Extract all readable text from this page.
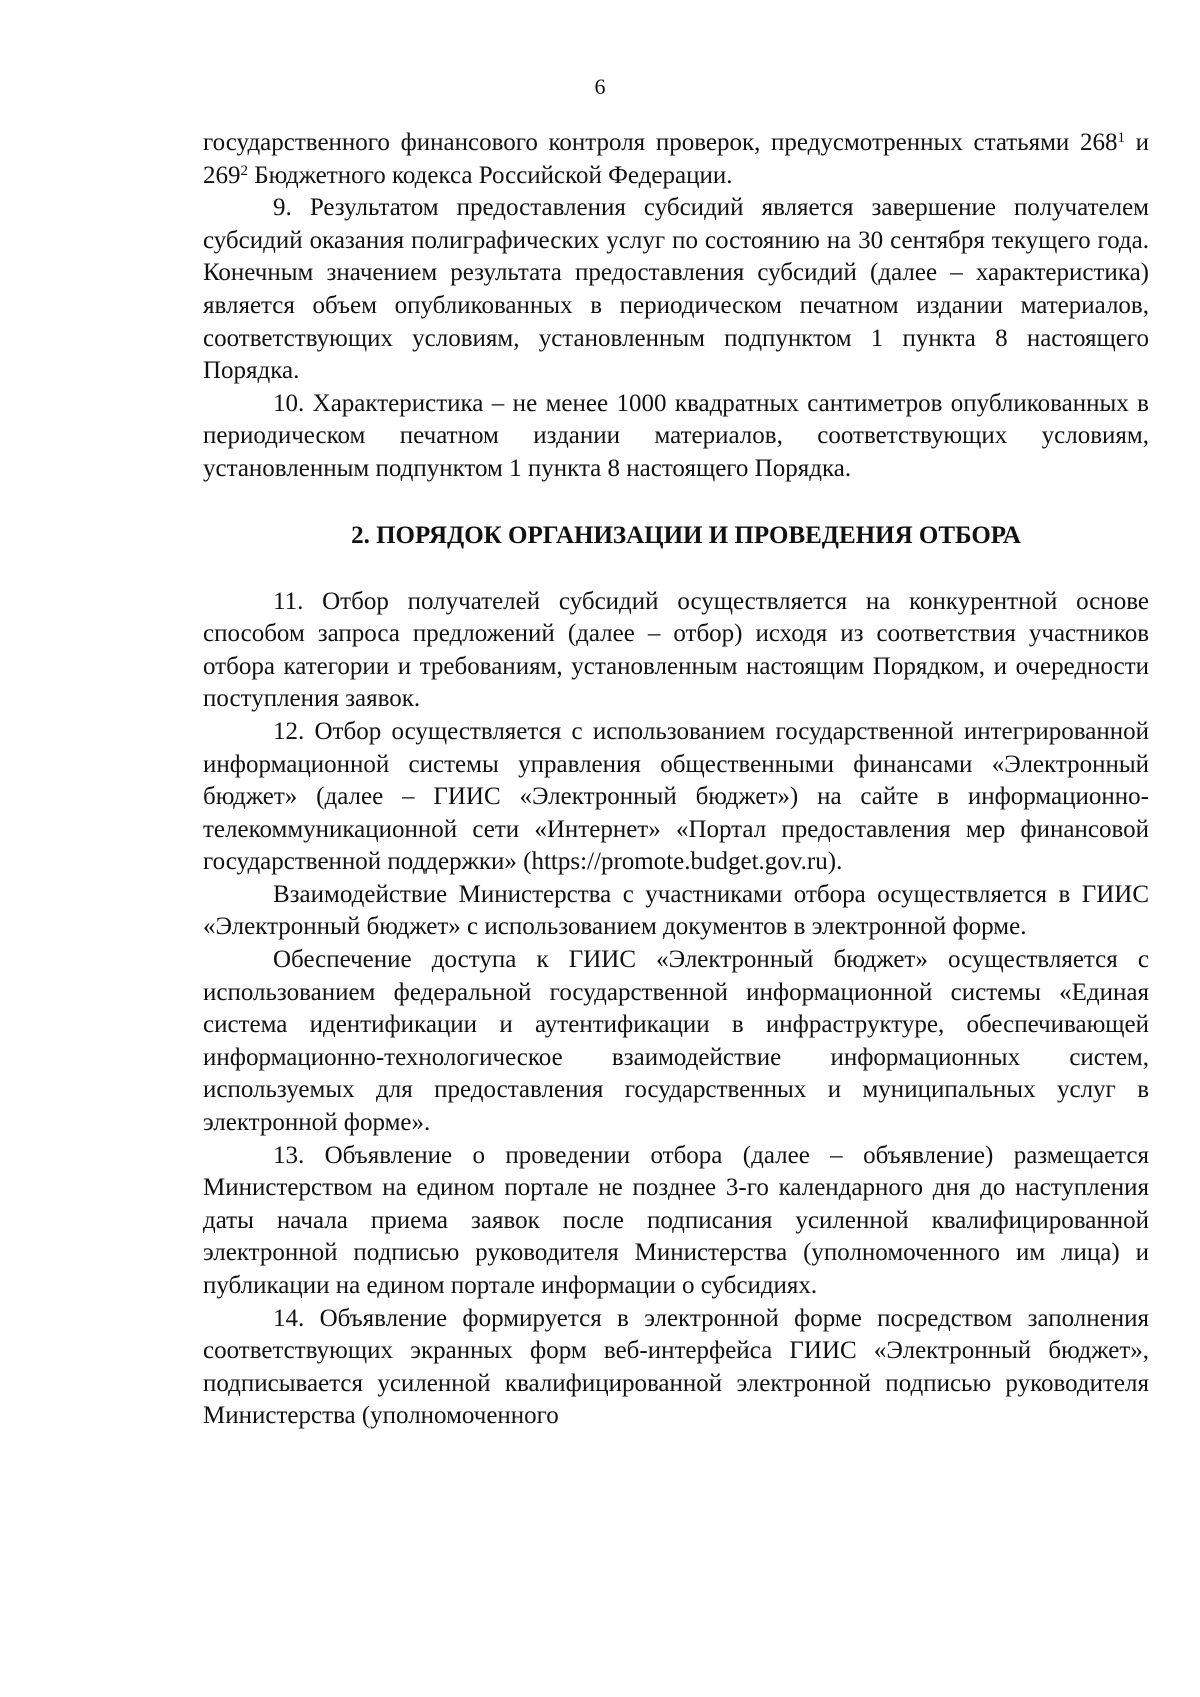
6

государственного финансового контроля проверок, предусмотренных статьями $268^1$ и $269^2$ Бюджетного кодекса Российской Федерации.

9. Результатом предоставления субсидий является завершение получателем субсидий оказания полиграфических услуг по состоянию на 30 сентября текущего года. Конечным значением результата предоставления субсидий (далее – характеристика) является объем опубликованных в периодическом печатном издании материалов, соответствующих условиям, установленным подпунктом 1 пункта 8 настоящего Порядка.

10. Характеристика – не менее 1000 квадратных сантиметров опубликованных в периодическом печатном издании материалов, соответствующих условиям, установленным подпунктом 1 пункта 8 настоящего Порядка.

2. ПОРЯДОК ОРГАНИЗАЦИИ И ПРОВЕДЕНИЯ ОТБОРА

11. Отбор получателей субсидий осуществляется на конкурентной основе способом запроса предложений (далее – отбор) исходя из соответствия участников отбора категории и требованиям, установленным настоящим Порядком, и очередности поступления заявок.

12. Отбор осуществляется с использованием государственной интегрированной информационной системы управления общественными финансами «Электронный бюджет» (далее – ГИИС «Электронный бюджет») на сайте в информационно-телекоммуникационной сети «Интернет» «Портал предоставления мер финансовой государственной поддержки» (https://promote.budget.gov.ru).

Взаимодействие Министерства с участниками отбора осуществляется в ГИИС «Электронный бюджет» с использованием документов в электронной форме.

Обеспечение доступа к ГИИС «Электронный бюджет» осуществляется с использованием федеральной государственной информационной системы «Единая система идентификации и аутентификации в инфраструктуре, обеспечивающей информационно-технологическое взаимодействие информационных систем, используемых для предоставления государственных и муниципальных услуг в электронной форме».

13. Объявление о проведении отбора (далее – объявление) размещается Министерством на едином портале не позднее 3-го календарного дня до наступления даты начала приема заявок после подписания усиленной квалифицированной электронной подписью руководителя Министерства (уполномоченного им лица) и публикации на едином портале информации о субсидиях.

14. Объявление формируется в электронной форме посредством заполнения соответствующих экранных форм веб-интерфейса ГИИС «Электронный бюджет», подписывается усиленной квалифицированной электронной подписью руководителя Министерства (уполномоченного
